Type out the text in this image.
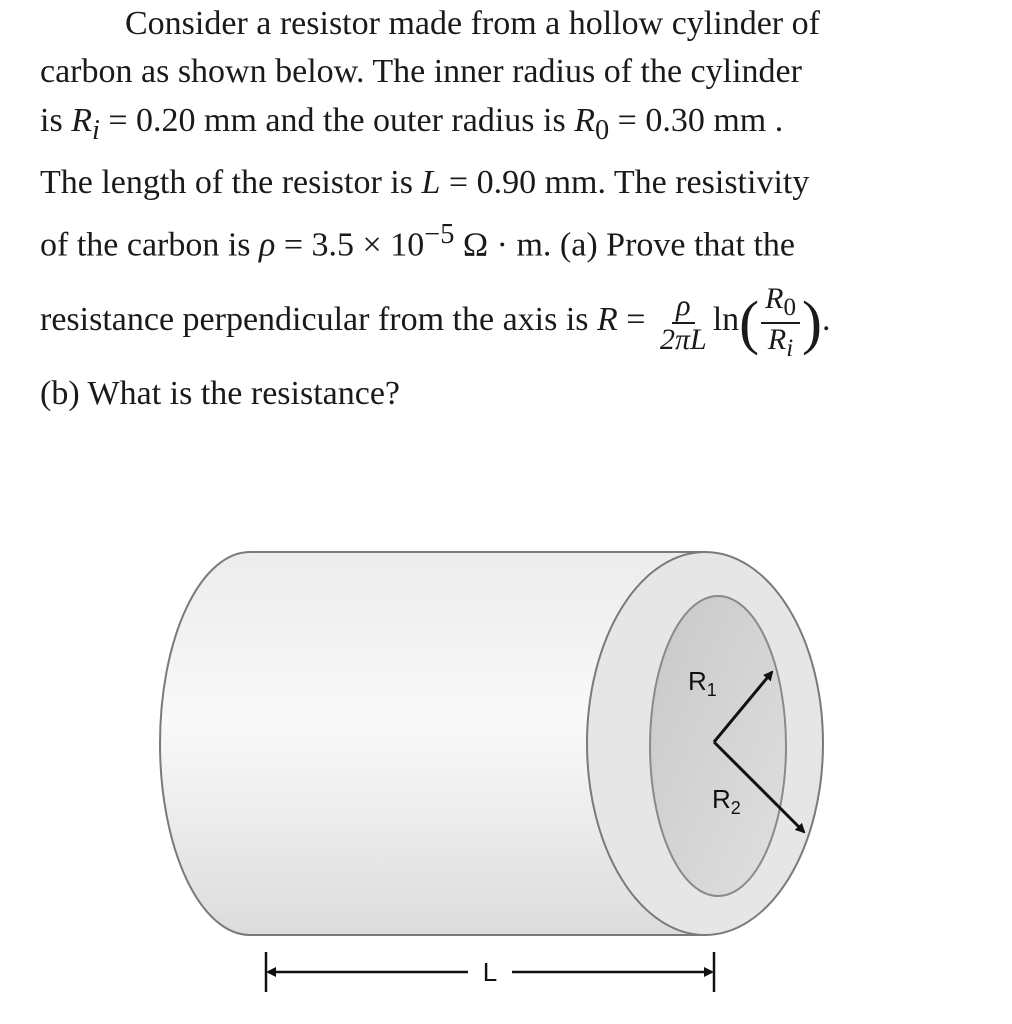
Consider a resistor made from a hollow cylinder of
carbon as shown below. The inner radius of the cylinder
is $R_i = 0.20$ mm and the outer radius is $R_0 = 0.30$ mm .
The length of the resistor is L = 0.90 mm. The resistivity
of the carbon is $\rho = 3.5 \times 10^{-5}$ Ω · m. (a) Prove that the
resistance perpendicular from the axis is $R = \frac{\rho}{2\pi L} \ln( \frac{R_0}{R_i}$ ).
(b) What is the resistance?
$R_1$
$R_2$
L
